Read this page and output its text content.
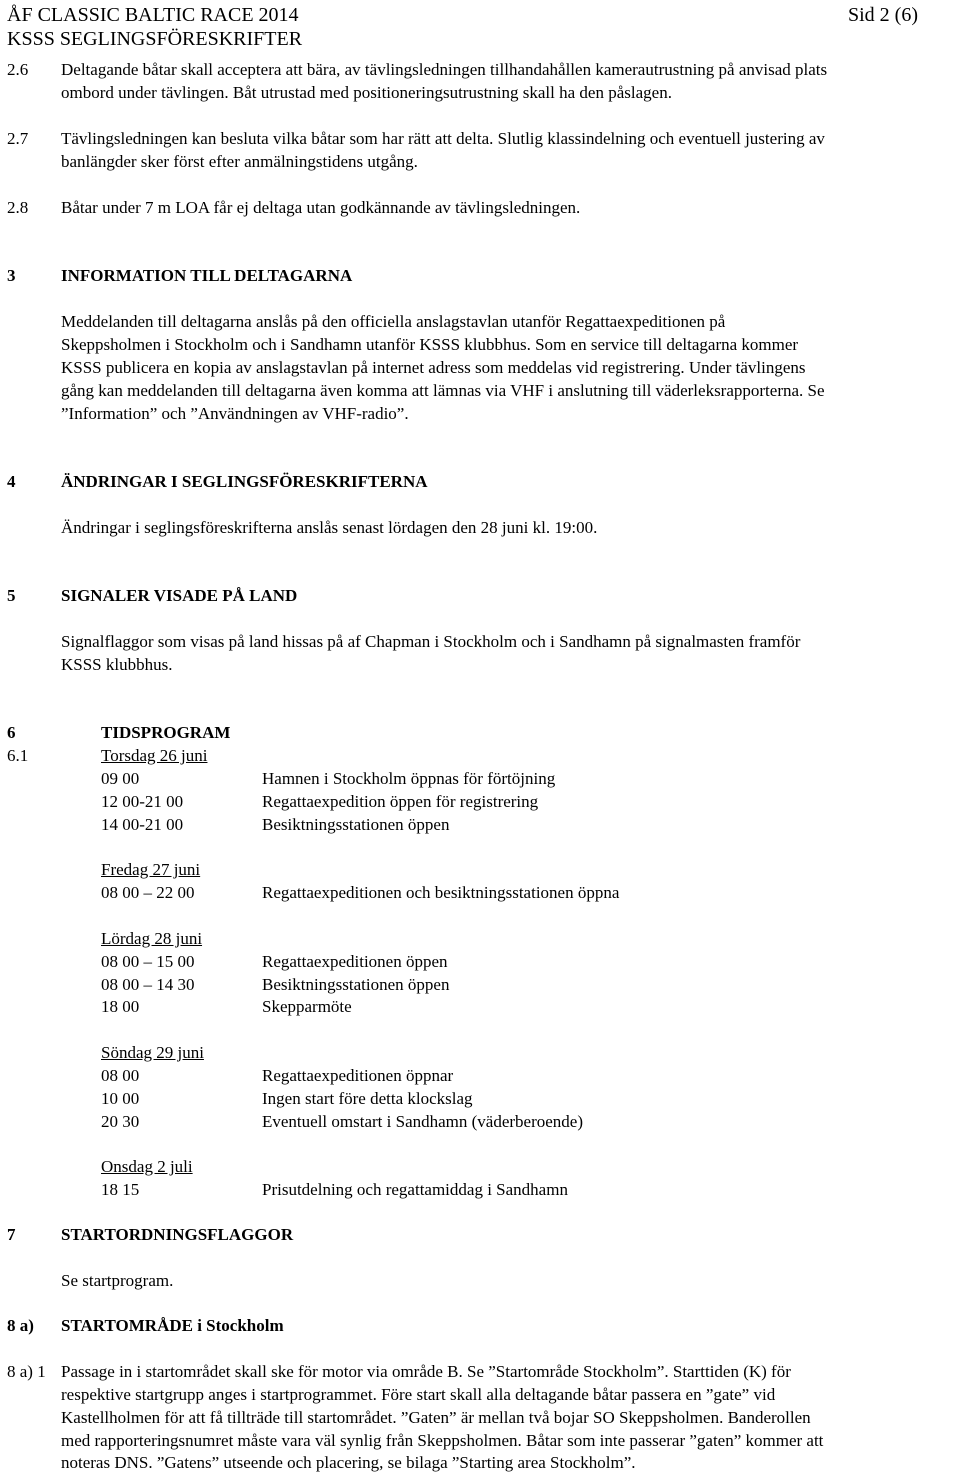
ÅF CLASSIC BALTIC RACE 2014
KSSS SEGLINGSFÖRESKRIFTER
Sid 2 (6)
2.6 Deltagande båtar skall acceptera att bära, av tävlingsledningen tillhandahållen kamerautrustning på anvisad plats
ombord under tävlingen. Båt utrustad med positioneringsutrustning skall ha den påslagen.
2.7 Tävlingsledningen kan besluta vilka båtar som har rätt att delta. Slutlig klassindelning och eventuell justering av
banlängder sker först efter anmälningstidens utgång.
2.8 Båtar under 7 m LOA får ej deltaga utan godkännande av tävlingsledningen.
3	INFORMATION TILL DELTAGARNA
Meddelanden till deltagarna anslås på den officiella anslagstavlan utanför Regattaexpeditionen på
Skeppsholmen i Stockholm och i Sandhamn utanför KSSS klubbhus. Som en service till deltagarna kommer
KSSS publicera en kopia av anslagstavlan på internet adress som meddelas vid registrering. Under tävlingens
gång kan meddelanden till deltagarna även komma att lämnas via VHF i anslutning till väderleksrapporterna. Se
”Information” och ”Användningen av VHF-radio”.
4	ÄNDRINGAR I SEGLINGSFÖRESKRIFTERNA
Ändringar i seglingsföreskrifterna anslås senast lördagen den 28 juni kl. 19:00.
5	SIGNALER VISADE PÅ LAND
Signalflaggor som visas på land hissas på af Chapman i Stockholm och i Sandhamn på signalmasten framför
KSSS klubbhus.
6	TIDSPROGRAM
6.1	Torsdag 26 juni
09 00	Hamnen i Stockholm öppnas för förtöjning
12 00-21 00	Regattaexpedition öppen för registrering
14 00-21 00	Besiktningsstationen öppen
Fredag 27 juni
08 00 – 22 00	Regattaexpeditionen och besiktningsstationen öppna
Lördag 28 juni
08 00 – 15 00	Regattaexpeditionen öppen
08 00 – 14 30	Besiktningsstationen öppen
18 00	Skepparmöte
Söndag 29 juni
08 00	Regattaexpeditionen öppnar
10 00	Ingen start före detta klockslag
20 30	Eventuell omstart i Sandhamn (väderberoende)
Onsdag 2 juli
18 15	Prisutdelning och regattamiddag i Sandhamn
7	STARTORDNINGSFLAGGOR
Se startprogram.
8 a) STARTOMRÅDE i Stockholm
8 a) 1 Passage in i startområdet skall ske för motor via område B. Se ”Startområde Stockholm”. Starttiden (K) för
respektive startgrupp anges i startprogrammet. Före start skall alla deltagande båtar passera en ”gate” vid
Kastellholmen för att få tillträde till startområdet. ”Gaten” är mellan två bojar SO Skeppsholmen. Banderollen
med rapporteringsnumret måste vara väl synlig från Skeppsholmen. Båtar som inte passerar ”gaten” kommer att
noteras DNS. ”Gatens” utseende och placering, se bilaga ”Starting area Stockholm”.
